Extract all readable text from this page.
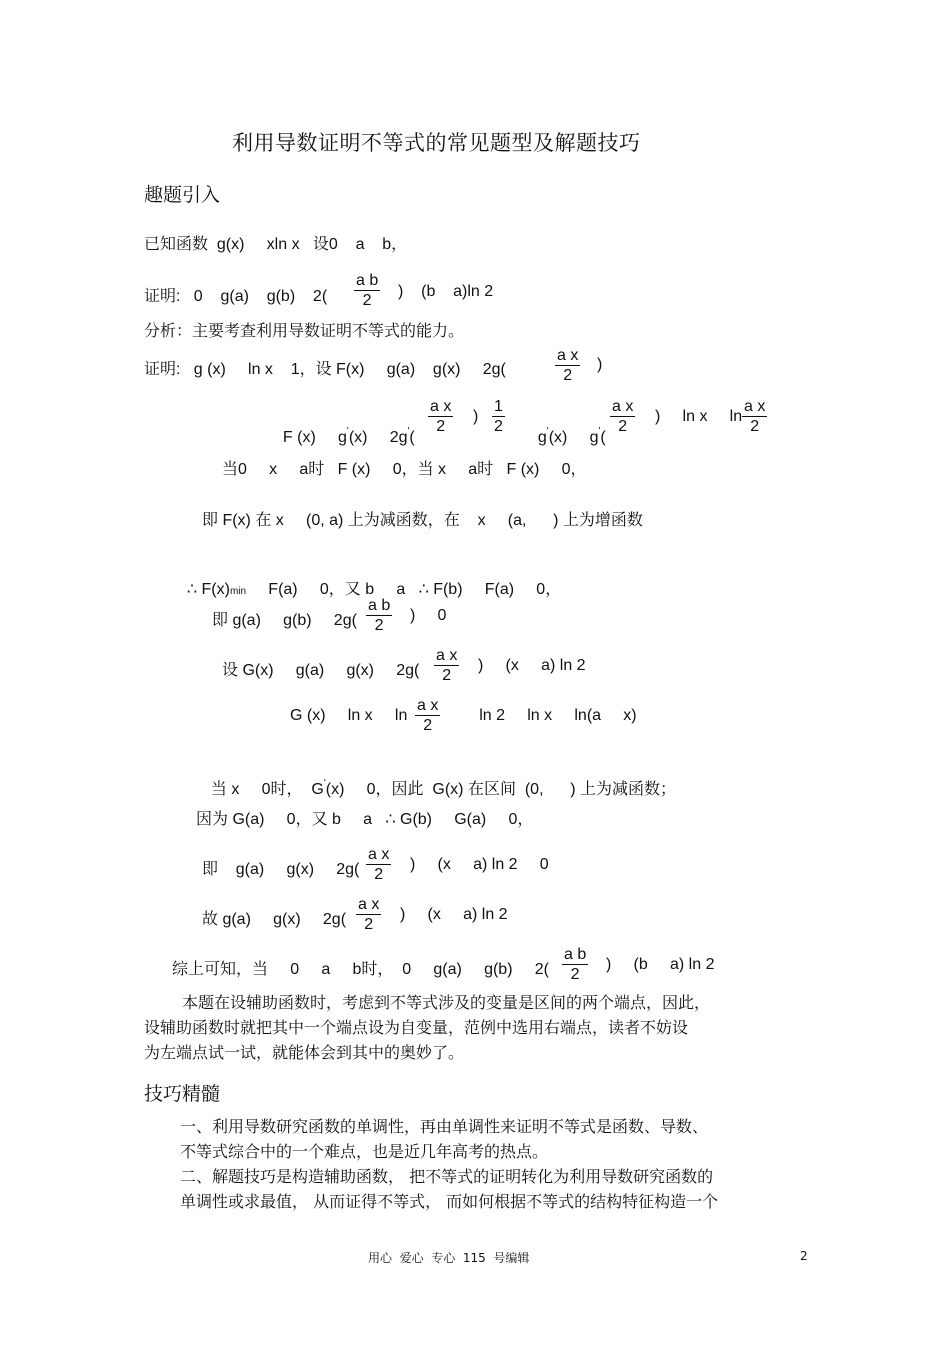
利用导数证明不等式的常见题型及解题技巧
趣题引入
已知函数  g(x)     xln x   设0    a    b，
证明:   0    g(a)    g(b)    $2( \frac{\text{a b}}{2}$ )    (b    a)ln 2
分析：主要考查利用导数证明不等式的能力。
证明:   g (x)     ln x    1，设 F(x)     g(a)    g(x)     2g(
a x
2
)

F (x)     g'(x)     2g'(

a x
2
)
1
2

g'(x)     g'(

a x
2
)     ln x     ln
a x
2
当0     x     a时   F (x)     0，当 x     a时   F (x)     0，
即 F(x) 在 x     (0, a) 上为减函数，在    x     (a,      ) 上为增函数

∴ F(x)min     F(a)     0，又 b     a   ∴ F(b)     F(a)     0，

即 g(a)     g(b)     2g(
a b
2
)     0
设 G(x)     g(a)     g(x)     2g(
a x
2
)     (x     a) ln 2
G (x)     ln x     ln
a x
2
ln 2     ln x     ln(a     x)

当 x     0时，  G'(x)     0，因此  G(x) 在区间  (0,      ) 上为减函数；

因为 G(a)     0，又 b     a   ∴ G(b)     G(a)     0，
即    g(a)     g(x)     2g(
a x
2
)     (x     a) ln 2     0
故 g(a)     g(x)     2g(
a x
2
)     (x     a) ln 2
综上可知，当     0     a     b时，  0     g(a)     g(b)     2(
a b
2
)     (b     a) ln 2
本题在设辅助函数时，考虑到不等式涉及的变量是区间的两个端点，因此，
设辅助函数时就把其中一个端点设为自变量，范例中选用右端点，读者不妨设
为左端点试一试，就能体会到其中的奥妙了。
技巧精髓
一、利用导数研究函数的单调性，再由单调性来证明不等式是函数、导数、
不等式综合中的一个难点，也是近几年高考的热点。
二、解题技巧是构造辅助函数， 把不等式的证明转化为利用导数研究函数的
单调性或求最值， 从而证得不等式， 而如何根据不等式的结构特征构造一个
用心  爱心  专心  115  号编辑	2
